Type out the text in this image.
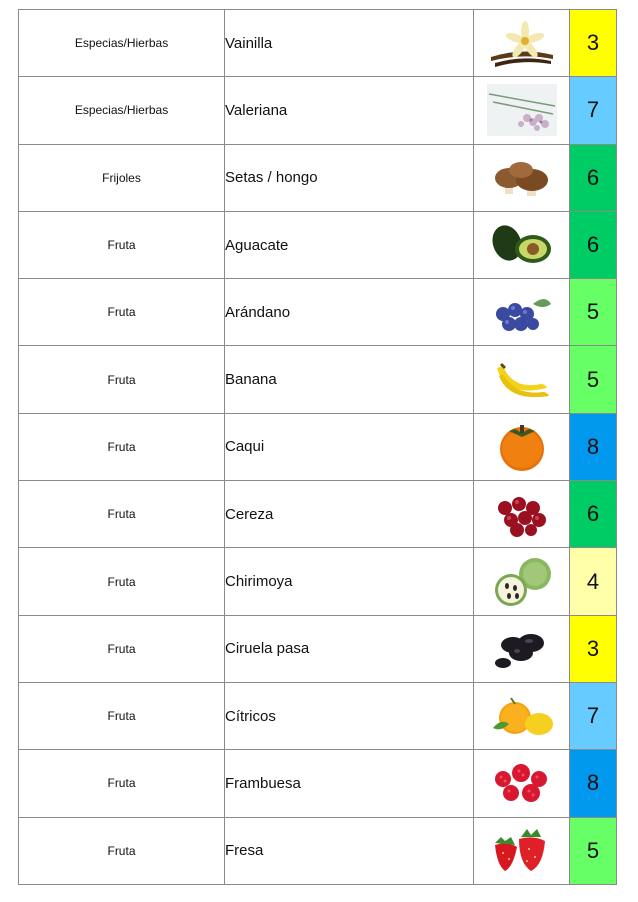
Especias/Hierbas	Vainilla		3
Especias/Hierbas	Valeriana		7
Frijoles	Setas / hongo		6
Fruta	Aguacate		6
Fruta	Arándano		5
Fruta	Banana		5
Fruta	Caqui		8
Fruta	Cereza		6
Fruta	Chirimoya		4
Fruta	Ciruela pasa		3
Fruta	Cítricos		7
Fruta	Frambuesa		8
Fruta	Fresa		5
